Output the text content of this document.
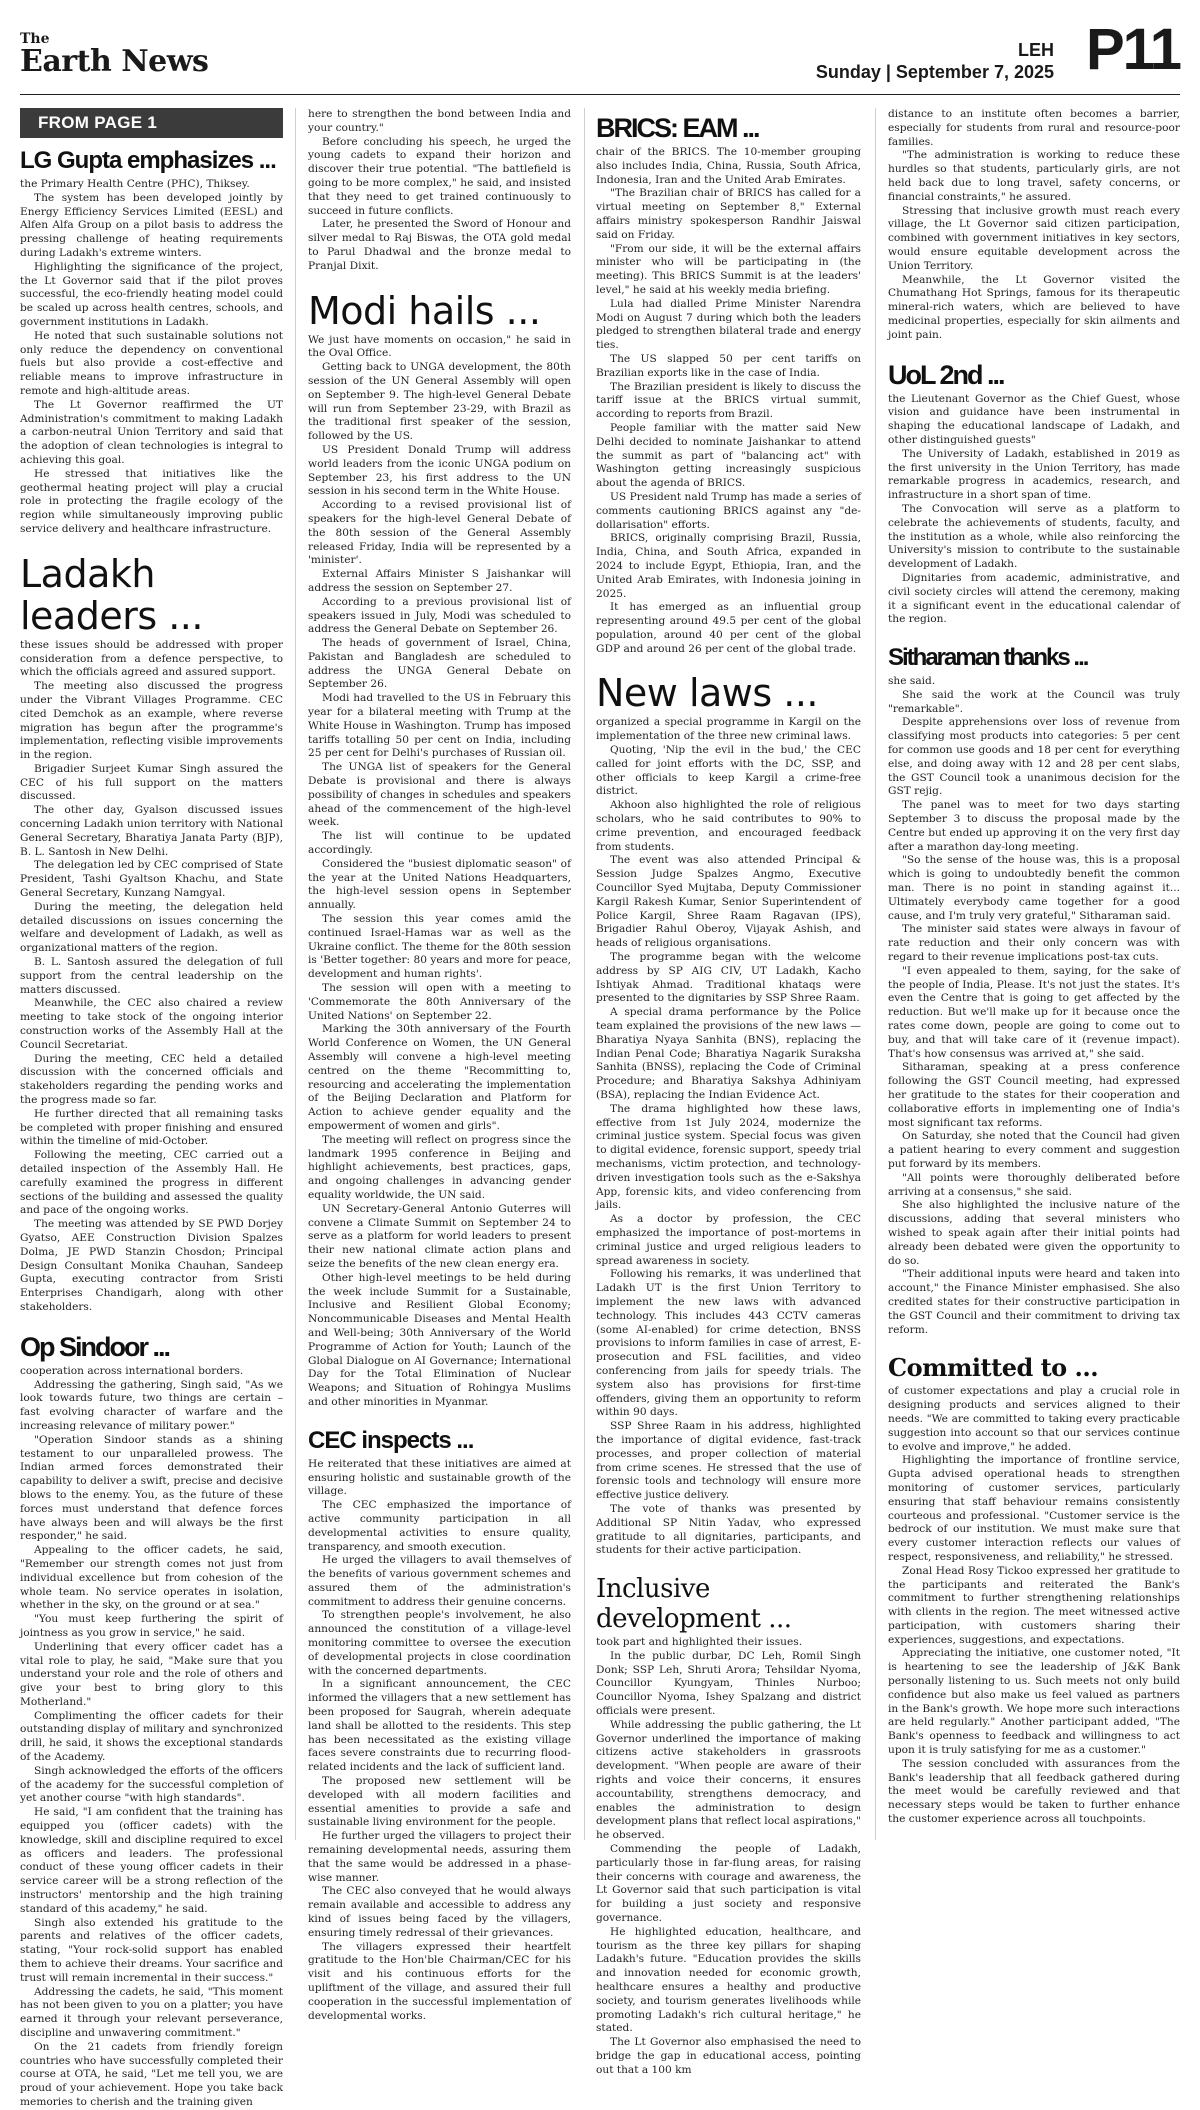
The
Earth News	LEH
Sunday | September 7, 2025 P11
FROM PAGE 1
LG Gupta emphasizes ...

the Primary Health Centre (PHC), Thiksey.

The system has been developed jointly by Energy Efficiency Services Limited (EESL) and Alfen Alfa Group on a pilot basis to address the pressing challenge of heating requirements during Ladakh's extreme winters.

Highlighting the significance of the project, the Lt Governor said that if the pilot proves successful, the eco-friendly heating model could be scaled up across health centres, schools, and government institutions in Ladakh.

He noted that such sustainable solutions not only reduce the dependency on conventional fuels but also provide a cost-effective and reliable means to improve infrastructure in remote and high-altitude areas.

The Lt Governor reaffirmed the UT Administration's commitment to making Ladakh a carbon-neutral Union Territory and said that the adoption of clean technologies is integral to achieving this goal.

He stressed that initiatives like the geothermal heating project will play a crucial role in protecting the fragile ecology of the region while simultaneously improving public service delivery and healthcare infrastructure.

Ladakh leaders ...

these issues should be addressed with proper consideration from a defence perspective, to which the officials agreed and assured support.

The meeting also discussed the progress under the Vibrant Villages Programme. CEC cited Demchok as an example, where reverse migration has begun after the programme's implementation, reflecting visible improvements in the region.

Brigadier Surjeet Kumar Singh assured the CEC of his full support on the matters discussed.

The other day, Gyalson discussed issues concerning Ladakh union territory with National General Secretary, Bharatiya Janata Party (BJP), B. L. Santosh in New Delhi.

The delegation led by CEC comprised of State President, Tashi Gyaltson Khachu, and State General Secretary, Kunzang Namgyal.

During the meeting, the delegation held detailed discussions on issues concerning the welfare and development of Ladakh, as well as organizational matters of the region.

B. L. Santosh assured the delegation of full support from the central leadership on the matters discussed.

Meanwhile, the CEC also chaired a review meeting to take stock of the ongoing interior construction works of the Assembly Hall at the Council Secretariat.

During the meeting, CEC held a detailed discussion with the concerned officials and stakeholders regarding the pending works and the progress made so far.

He further directed that all remaining tasks be completed with proper finishing and ensured within the timeline of mid-October.

Following the meeting, CEC carried out a detailed inspection of the Assembly Hall. He carefully examined the progress in different sections of the building and assessed the quality and pace of the ongoing works.

The meeting was attended by SE PWD Dorjey Gyatso, AEE Construction Division Spalzes Dolma, JE PWD Stanzin Chosdon; Principal Design Consultant Monika Chauhan, Sandeep Gupta, executing contractor from Sristi Enterprises Chandigarh, along with other stakeholders.

Op Sindoor ...

cooperation across international borders.

Addressing the gathering, Singh said, "As we look towards future, two things are certain – fast evolving character of warfare and the increasing relevance of military power."

"Operation Sindoor stands as a shining testament to our unparalleled prowess. The Indian armed forces demonstrated their capability to deliver a swift, precise and decisive blows to the enemy. You, as the future of these forces must understand that defence forces have always been and will always be the first responder," he said.

Appealing to the officer cadets, he said, "Remember our strength comes not just from individual excellence but from cohesion of the whole team. No service operates in isolation, whether in the sky, on the ground or at sea."

"You must keep furthering the spirit of jointness as you grow in service," he said.

Underlining that every officer cadet has a vital role to play, he said, "Make sure that you understand your role and the role of others and give your best to bring glory to this Motherland."

Complimenting the officer cadets for their outstanding display of military and synchronized drill, he said, it shows the exceptional standards of the Academy.

Singh acknowledged the efforts of the officers of the academy for the successful completion of yet another course "with high standards".

He said, "I am confident that the training has equipped you (officer cadets) with the knowledge, skill and discipline required to excel as officers and leaders. The professional conduct of these young officer cadets in their service career will be a strong reflection of the instructors' mentorship and the high training standard of this academy," he said.

Singh also extended his gratitude to the parents and relatives of the officer cadets, stating, "Your rock-solid support has enabled them to achieve their dreams. Your sacrifice and trust will remain incremental in their success."

Addressing the cadets, he said, "This moment has not been given to you on a platter; you have earned it through your relevant perseverance, discipline and unwavering commitment."

On the 21 cadets from friendly foreign countries who have successfully completed their course at OTA, he said, "Let me tell you, we are proud of your achievement. Hope you take back memories to cherish and the training given

here to strengthen the bond between India and your country."

Before concluding his speech, he urged the young cadets to expand their horizon and discover their true potential. "The battlefield is going to be more complex," he said, and insisted that they need to get trained continuously to succeed in future conflicts.

Later, he presented the Sword of Honour and silver medal to Raj Biswas, the OTA gold medal to Parul Dhadwal and the bronze medal to Pranjal Dixit.

Modi hails ...

We just have moments on occasion," he said in the Oval Office.

Getting back to UNGA development, the 80th session of the UN General Assembly will open on September 9. The high-level General Debate will run from September 23-29, with Brazil as the traditional first speaker of the session, followed by the US.

US President Donald Trump will address world leaders from the iconic UNGA podium on September 23, his first address to the UN session in his second term in the White House.

According to a revised provisional list of speakers for the high-level General Debate of the 80th session of the General Assembly released Friday, India will be represented by a 'minister'.

External Affairs Minister S Jaishankar will address the session on September 27.

According to a previous provisional list of speakers issued in July, Modi was scheduled to address the General Debate on September 26.

The heads of government of Israel, China, Pakistan and Bangladesh are scheduled to address the UNGA General Debate on September 26.

Modi had travelled to the US in February this year for a bilateral meeting with Trump at the White House in Washington. Trump has imposed tariffs totalling 50 per cent on India, including 25 per cent for Delhi's purchases of Russian oil.

The UNGA list of speakers for the General Debate is provisional and there is always possibility of changes in schedules and speakers ahead of the commencement of the high-level week.

The list will continue to be updated accordingly.

Considered the "busiest diplomatic season" of the year at the United Nations Headquarters, the high-level session opens in September annually.

The session this year comes amid the continued Israel-Hamas war as well as the Ukraine conflict. The theme for the 80th session is 'Better together: 80 years and more for peace, development and human rights'.

The session will open with a meeting to 'Commemorate the 80th Anniversary of the United Nations' on September 22.

Marking the 30th anniversary of the Fourth World Conference on Women, the UN General Assembly will convene a high-level meeting centred on the theme "Recommitting to, resourcing and accelerating the implementation of the Beijing Declaration and Platform for Action to achieve gender equality and the empowerment of women and girls".

The meeting will reflect on progress since the landmark 1995 conference in Beijing and highlight achievements, best practices, gaps, and ongoing challenges in advancing gender equality worldwide, the UN said.

UN Secretary-General Antonio Guterres will convene a Climate Summit on September 24 to serve as a platform for world leaders to present their new national climate action plans and seize the benefits of the new clean energy era.

Other high-level meetings to be held during the week include Summit for a Sustainable, Inclusive and Resilient Global Economy; Noncommunicable Diseases and Mental Health and Well-being; 30th Anniversary of the World Programme of Action for Youth; Launch of the Global Dialogue on AI Governance; International Day for the Total Elimination of Nuclear Weapons; and Situation of Rohingya Muslims and other minorities in Myanmar.

CEC inspects ...

He reiterated that these initiatives are aimed at ensuring holistic and sustainable growth of the village.

The CEC emphasized the importance of active community participation in all developmental activities to ensure quality, transparency, and smooth execution.

He urged the villagers to avail themselves of the benefits of various government schemes and assured them of the administration's commitment to address their genuine concerns.

To strengthen people's involvement, he also announced the constitution of a village-level monitoring committee to oversee the execution of developmental projects in close coordination with the concerned departments.

In a significant announcement, the CEC informed the villagers that a new settlement has been proposed for Saugrah, wherein adequate land shall be allotted to the residents. This step has been necessitated as the existing village faces severe constraints due to recurring flood-related incidents and the lack of sufficient land.

The proposed new settlement will be developed with all modern facilities and essential amenities to provide a safe and sustainable living environment for the people.

He further urged the villagers to project their remaining developmental needs, assuring them that the same would be addressed in a phase-wise manner.

The CEC also conveyed that he would always remain available and accessible to address any kind of issues being faced by the villagers, ensuring timely redressal of their grievances.

The villagers expressed their heartfelt gratitude to the Hon'ble Chairman/CEC for his visit and his continuous efforts for the upliftment of the village, and assured their full cooperation in the successful implementation of developmental works.

BRICS: EAM ...

chair of the BRICS. The 10-member grouping also includes India, China, Russia, South Africa, Indonesia, Iran and the United Arab Emirates.

"The Brazilian chair of BRICS has called for a virtual meeting on September 8," External affairs ministry spokesperson Randhir Jaiswal said on Friday.

"From our side, it will be the external affairs minister who will be participating in (the meeting). This BRICS Summit is at the leaders' level," he said at his weekly media briefing.

Lula had dialled Prime Minister Narendra Modi on August 7 during which both the leaders pledged to strengthen bilateral trade and energy ties.

The US slapped 50 per cent tariffs on Brazilian exports like in the case of India.

The Brazilian president is likely to discuss the tariff issue at the BRICS virtual summit, according to reports from Brazil.

People familiar with the matter said New Delhi decided to nominate Jaishankar to attend the summit as part of "balancing act" with Washington getting increasingly suspicious about the agenda of BRICS.

US President nald Trump has made a series of comments cautioning BRICS against any "de-dollarisation" efforts.

BRICS, originally comprising Brazil, Russia, India, China, and South Africa, expanded in 2024 to include Egypt, Ethiopia, Iran, and the United Arab Emirates, with Indonesia joining in 2025.

It has emerged as an influential group representing around 49.5 per cent of the global population, around 40 per cent of the global GDP and around 26 per cent of the global trade.

New laws ...

organized a special programme in Kargil on the implementation of the three new criminal laws.

Quoting, 'Nip the evil in the bud,' the CEC called for joint efforts with the DC, SSP, and other officials to keep Kargil a crime-free district.

Akhoon also highlighted the role of religious scholars, who he said contributes to 90% to crime prevention, and encouraged feedback from students.

The event was also attended Principal & Session Judge Spalzes Angmo, Executive Councillor Syed Mujtaba, Deputy Commissioner Kargil Rakesh Kumar, Senior Superintendent of Police Kargil, Shree Raam Ragavan (IPS), Brigadier Rahul Oberoy, Vijayak Ashish, and heads of religious organisations.

The programme began with the welcome address by SP AIG CIV, UT Ladakh, Kacho Ishtiyak Ahmad. Traditional khataqs were presented to the dignitaries by SSP Shree Raam.

A special drama performance by the Police team explained the provisions of the new laws — Bharatiya Nyaya Sanhita (BNS), replacing the Indian Penal Code; Bharatiya Nagarik Suraksha Sanhita (BNSS), replacing the Code of Criminal Procedure; and Bharatiya Sakshya Adhiniyam (BSA), replacing the Indian Evidence Act.

The drama highlighted how these laws, effective from 1st July 2024, modernize the criminal justice system. Special focus was given to digital evidence, forensic support, speedy trial mechanisms, victim protection, and technology-driven investigation tools such as the e-Sakshya App, forensic kits, and video conferencing from jails.

As a doctor by profession, the CEC emphasized the importance of post-mortems in criminal justice and urged religious leaders to spread awareness in society.

Following his remarks, it was underlined that Ladakh UT is the first Union Territory to implement the new laws with advanced technology. This includes 443 CCTV cameras (some AI-enabled) for crime detection, BNSS provisions to inform families in case of arrest, E-prosecution and FSL facilities, and video conferencing from jails for speedy trials. The system also has provisions for first-time offenders, giving them an opportunity to reform within 90 days.

SSP Shree Raam in his address, highlighted the importance of digital evidence, fast-track processes, and proper collection of material from crime scenes. He stressed that the use of forensic tools and technology will ensure more effective justice delivery.

The vote of thanks was presented by Additional SP Nitin Yadav, who expressed gratitude to all dignitaries, participants, and students for their active participation.

Inclusive development ...

took part and highlighted their issues.

In the public durbar, DC Leh, Romil Singh Donk; SSP Leh, Shruti Arora; Tehsildar Nyoma, Councillor Kyungyam, Thinles Nurboo; Councillor Nyoma, Ishey Spalzang and district officials were present.

While addressing the public gathering, the Lt Governor underlined the importance of making citizens active stakeholders in grassroots development. "When people are aware of their rights and voice their concerns, it ensures accountability, strengthens democracy, and enables the administration to design development plans that reflect local aspirations," he observed.

Commending the people of Ladakh, particularly those in far-flung areas, for raising their concerns with courage and awareness, the Lt Governor said that such participation is vital for building a just society and responsive governance.

He highlighted education, healthcare, and tourism as the three key pillars for shaping Ladakh's future. "Education provides the skills and innovation needed for economic growth, healthcare ensures a healthy and productive society, and tourism generates livelihoods while promoting Ladakh's rich cultural heritage," he stated.

The Lt Governor also emphasised the need to bridge the gap in educational access, pointing out that a 100 km

distance to an institute often becomes a barrier, especially for students from rural and resource-poor families.

"The administration is working to reduce these hurdles so that students, particularly girls, are not held back due to long travel, safety concerns, or financial constraints," he assured.

Stressing that inclusive growth must reach every village, the Lt Governor said citizen participation, combined with government initiatives in key sectors, would ensure equitable development across the Union Territory.

Meanwhile, the Lt Governor visited the Chumathang Hot Springs, famous for its therapeutic mineral-rich waters, which are believed to have medicinal properties, especially for skin ailments and joint pain.

UoL 2nd ...

the Lieutenant Governor as the Chief Guest, whose vision and guidance have been instrumental in shaping the educational landscape of Ladakh, and other distinguished guests"

The University of Ladakh, established in 2019 as the first university in the Union Territory, has made remarkable progress in academics, research, and infrastructure in a short span of time.

The Convocation will serve as a platform to celebrate the achievements of students, faculty, and the institution as a whole, while also reinforcing the University's mission to contribute to the sustainable development of Ladakh.

Dignitaries from academic, administrative, and civil society circles will attend the ceremony, making it a significant event in the educational calendar of the region.

Sitharaman thanks ...

she said.

She said the work at the Council was truly "remarkable".

Despite apprehensions over loss of revenue from classifying most products into categories: 5 per cent for common use goods and 18 per cent for everything else, and doing away with 12 and 28 per cent slabs, the GST Council took a unanimous decision for the GST rejig.

The panel was to meet for two days starting September 3 to discuss the proposal made by the Centre but ended up approving it on the very first day after a marathon day-long meeting.

"So the sense of the house was, this is a proposal which is going to undoubtedly benefit the common man. There is no point in standing against it... Ultimately everybody came together for a good cause, and I'm truly very grateful," Sitharaman said.

The minister said states were always in favour of rate reduction and their only concern was with regard to their revenue implications post-tax cuts.

"I even appealed to them, saying, for the sake of the people of India, Please. It's not just the states. It's even the Centre that is going to get affected by the reduction. But we'll make up for it because once the rates come down, people are going to come out to buy, and that will take care of it (revenue impact). That's how consensus was arrived at," she said.

Sitharaman, speaking at a press conference following the GST Council meeting, had expressed her gratitude to the states for their cooperation and collaborative efforts in implementing one of India's most significant tax reforms.

On Saturday, she noted that the Council had given a patient hearing to every comment and suggestion put forward by its members.

"All points were thoroughly deliberated before arriving at a consensus," she said.

She also highlighted the inclusive nature of the discussions, adding that several ministers who wished to speak again after their initial points had already been debated were given the opportunity to do so.

"Their additional inputs were heard and taken into account," the Finance Minister emphasised. She also credited states for their constructive participation in the GST Council and their commitment to driving tax reform.

Committed to ...

of customer expectations and play a crucial role in designing products and services aligned to their needs. "We are committed to taking every practicable suggestion into account so that our services continue to evolve and improve," he added.

Highlighting the importance of frontline service, Gupta advised operational heads to strengthen monitoring of customer services, particularly ensuring that staff behaviour remains consistently courteous and professional. "Customer service is the bedrock of our institution. We must make sure that every customer interaction reflects our values of respect, responsiveness, and reliability," he stressed.

Zonal Head Rosy Tickoo expressed her gratitude to the participants and reiterated the Bank's commitment to further strengthening relationships with clients in the region. The meet witnessed active participation, with customers sharing their experiences, suggestions, and expectations.

Appreciating the initiative, one customer noted, "It is heartening to see the leadership of J&K Bank personally listening to us. Such meets not only build confidence but also make us feel valued as partners in the Bank's growth. We hope more such interactions are held regularly." Another participant added, "The Bank's openness to feedback and willingness to act upon it is truly satisfying for me as a customer."

The session concluded with assurances from the Bank's leadership that all feedback gathered during the meet would be carefully reviewed and that necessary steps would be taken to further enhance the customer experience across all touchpoints.
